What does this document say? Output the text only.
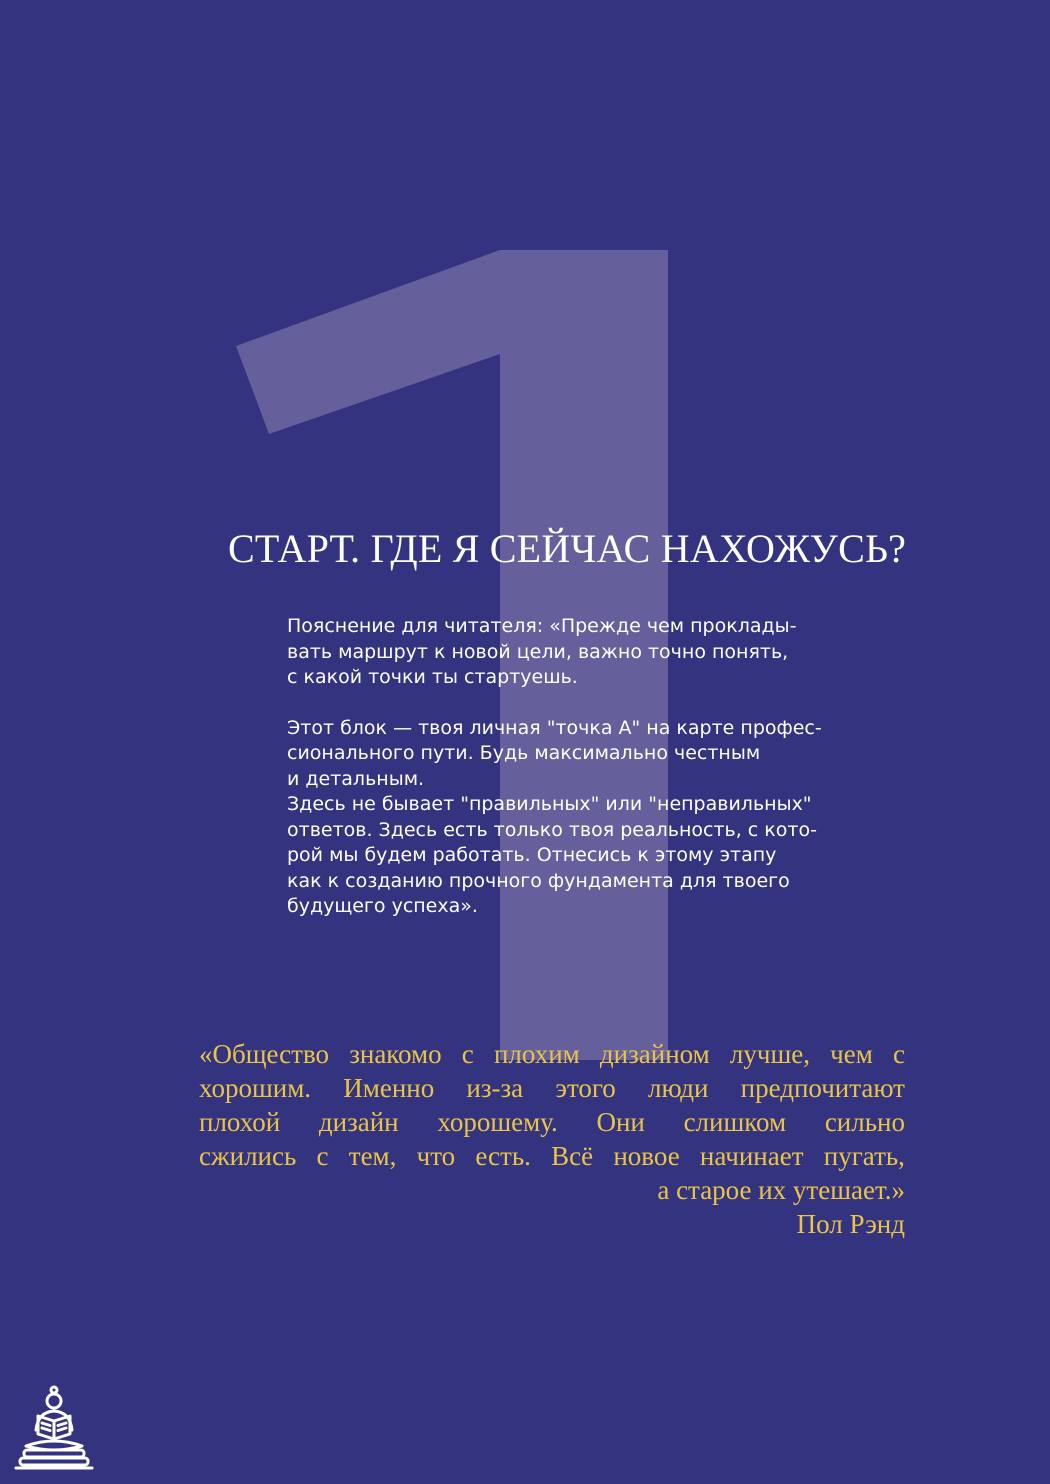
СТАРТ. ГДЕ Я СЕЙЧАС НАХОЖУСЬ?
Пояснение для читателя: «Прежде чем проклады-
вать маршрут к новой цели, важно точно понять,
с какой точки ты стартуешь.
Этот блок — твоя личная "точка А" на карте профес-
сионального пути. Будь максимально честным
и детальным.
Здесь не бывает "правильных" или "неправильных"
ответов. Здесь есть только твоя реальность, с кото-
рой мы будем работать. Отнесись к этому этапу
как к созданию прочного фундамента для твоего
будущего успеха».
«Общество знакомо с плохим дизайном лучше, чем с
хорошим. Именно из-за этого люди предпочитают
плохой дизайн хорошему. Они слишком сильно
сжились с тем, что есть. Всё новое начинает пугать,
а старое их утешает.»
Пол Рэнд
